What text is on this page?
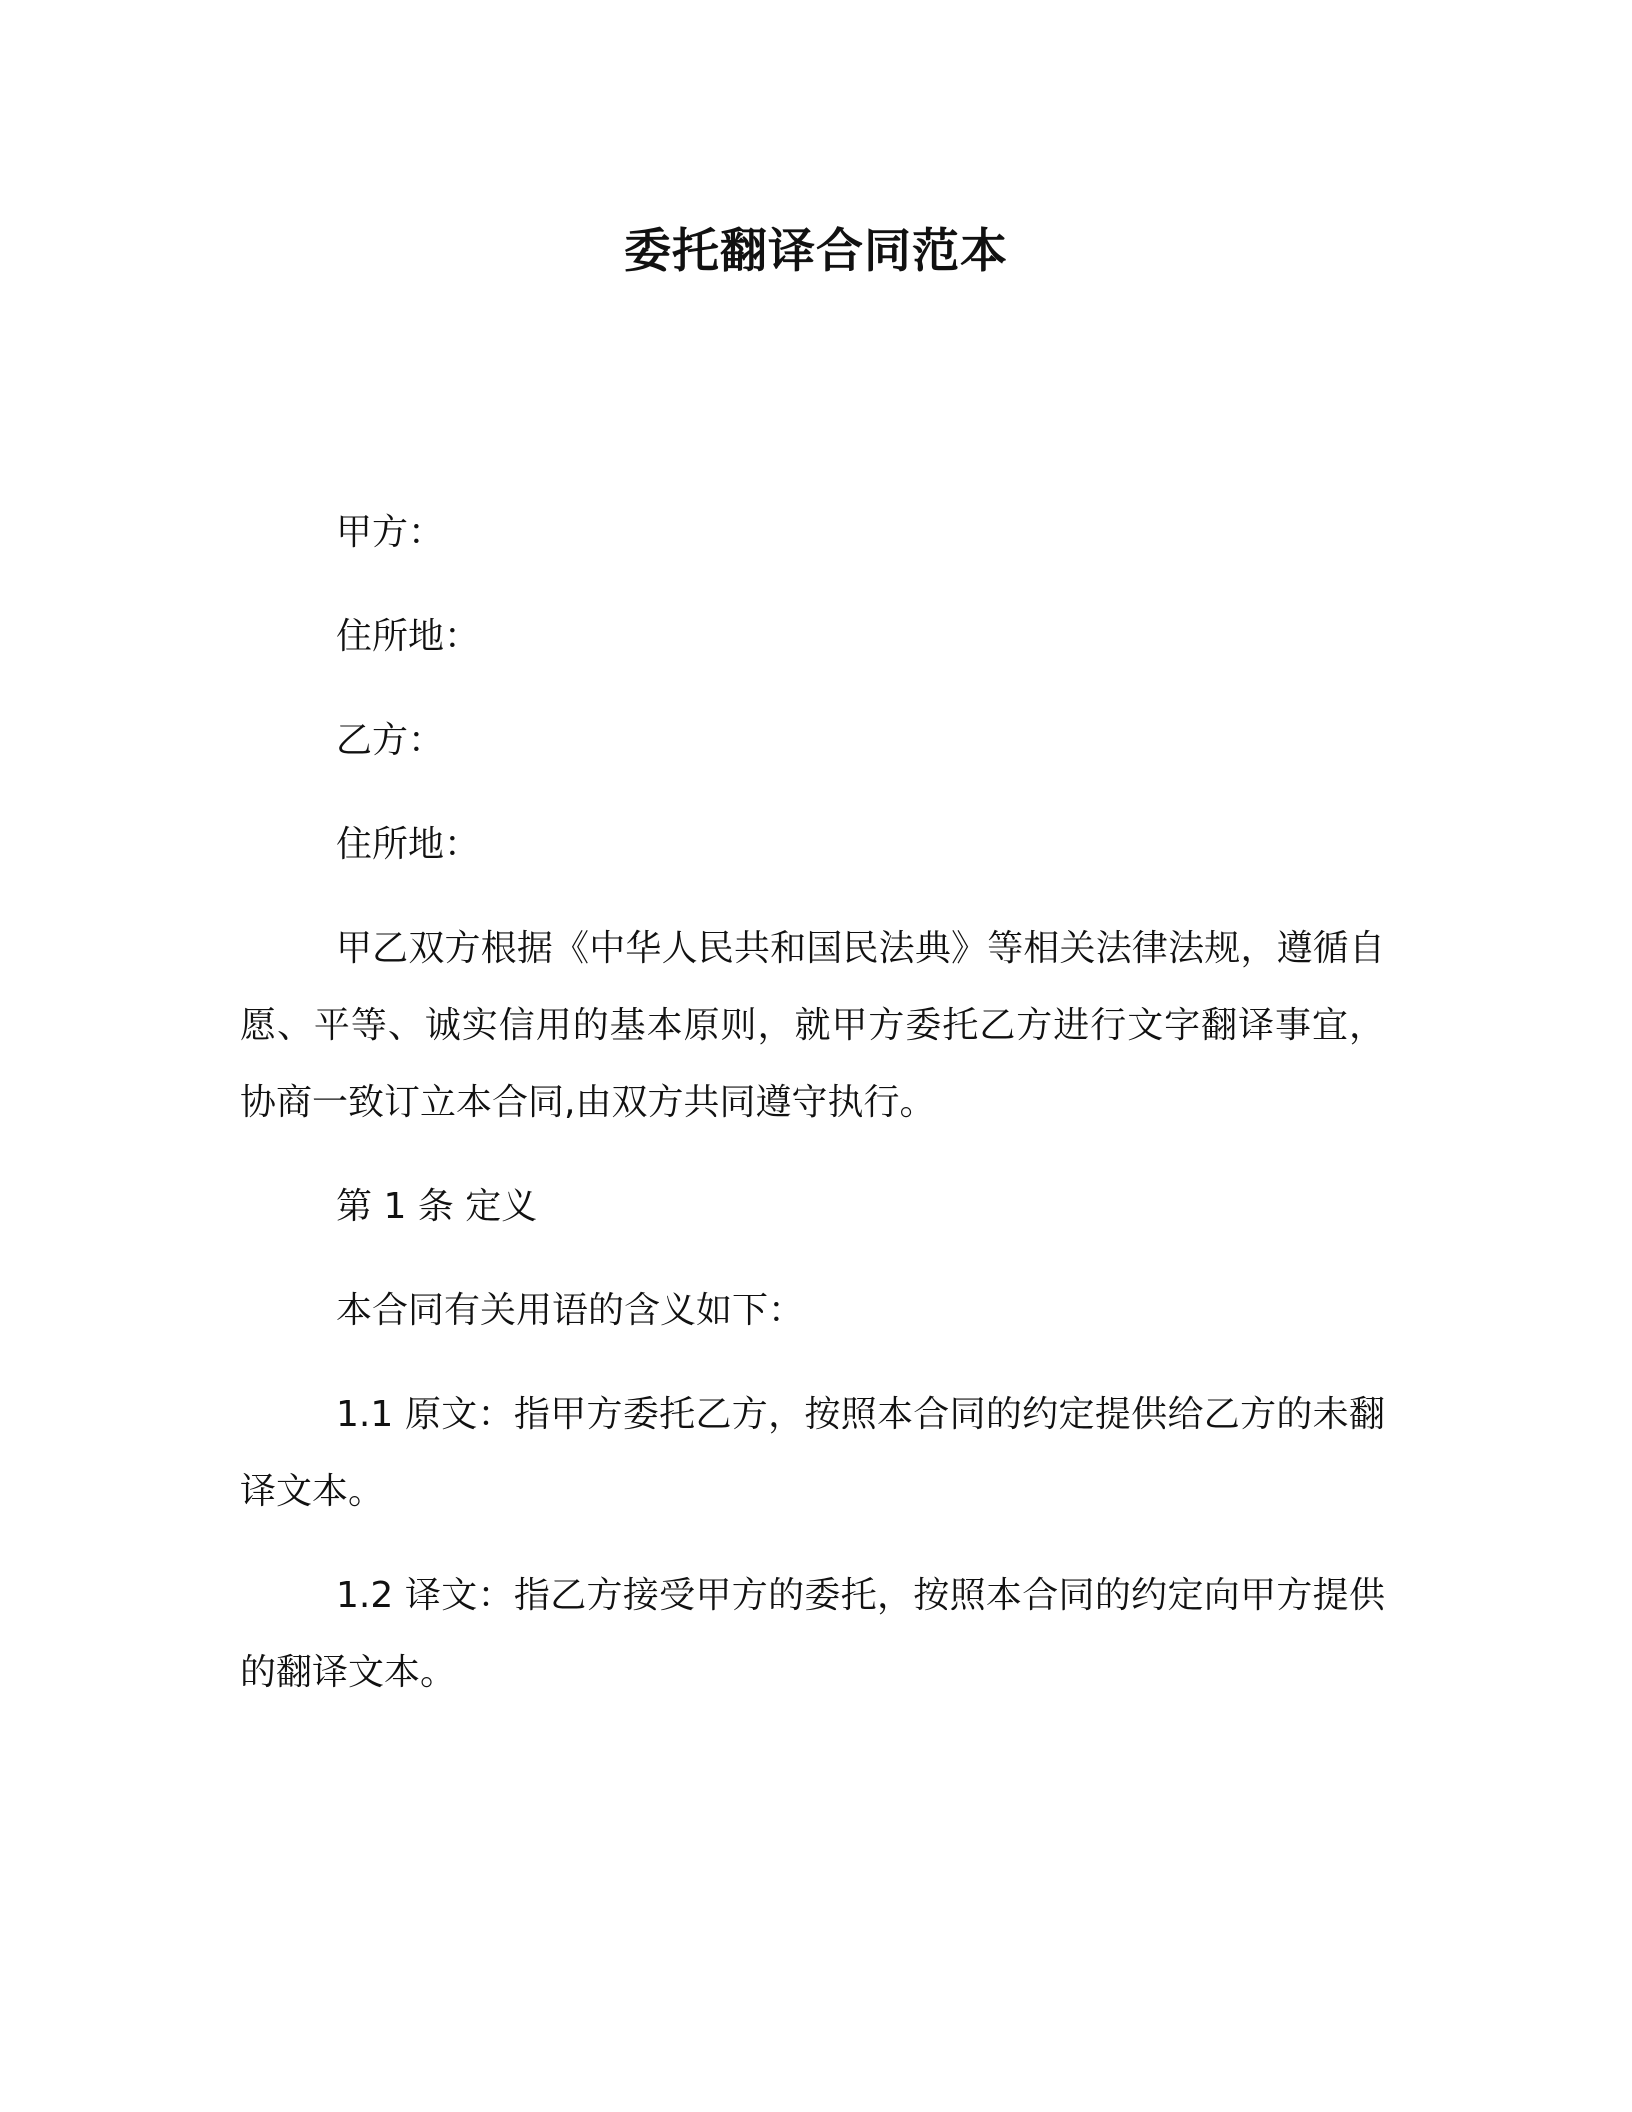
委托翻译合同范本

甲方：

住所地：

乙方：

住所地：

甲乙双方根据《中华人民共和国民法典》等相关法律法规，遵循自愿、平等、诚实信用的基本原则，就甲方委托乙方进行文字翻译事宜，协商一致订立本合同,由双方共同遵守执行。

第 1 条 定义

本合同有关用语的含义如下：

1.1 原文：指甲方委托乙方，按照本合同的约定提供给乙方的未翻译文本。

1.2 译文：指乙方接受甲方的委托，按照本合同的约定向甲方提供的翻译文本。
